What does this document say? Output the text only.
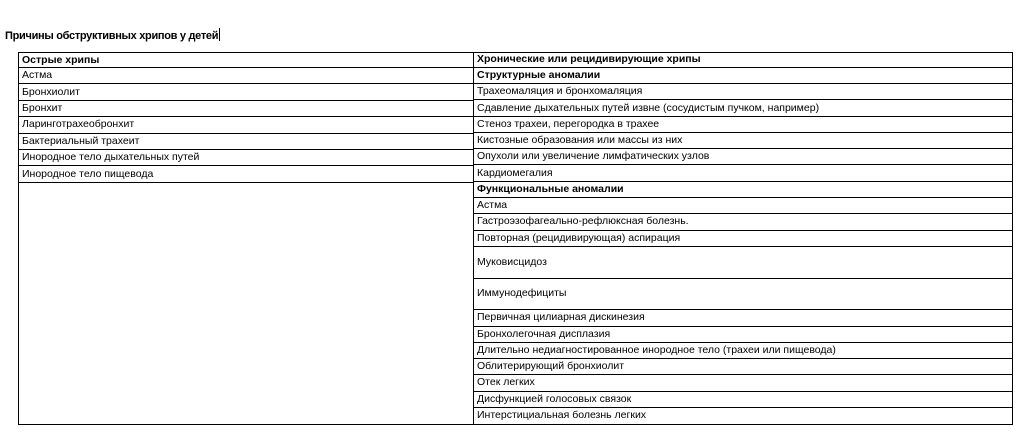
Причины обструктивных хрипов у детей
Острые хрипы
Астма
Бронхиолит
Бронхит
Ларинготрахеобронхит
Бактериальный трахеит
Инородное тело дыхательных путей
Инородное тело пищевода
Хронические или рецидивирующие хрипы
Структурные аномалии
Трахеомаляция и бронхомаляция
Сдавление дыхательных путей извне (сосудистым пучком, например)
Стеноз трахеи, перегородка в трахее
Кистозные образования или массы из них
Опухоли или увеличение лимфатических узлов
Кардиомегалия
Функциональные аномалии
Астма
Гастроэзофагеально-рефлюксная болезнь.
Повторная (рецидивирующая) аспирация
Муковисцидоз
Иммунодефициты
Первичная цилиарная дискинезия
Бронхолегочная дисплазия
Длительно недиагностированное инородное тело (трахеи или пищевода)
Облитерирующий бронхиолит
Отек легких
Дисфункцией голосовых связок
Интерстициальная болезнь легких
